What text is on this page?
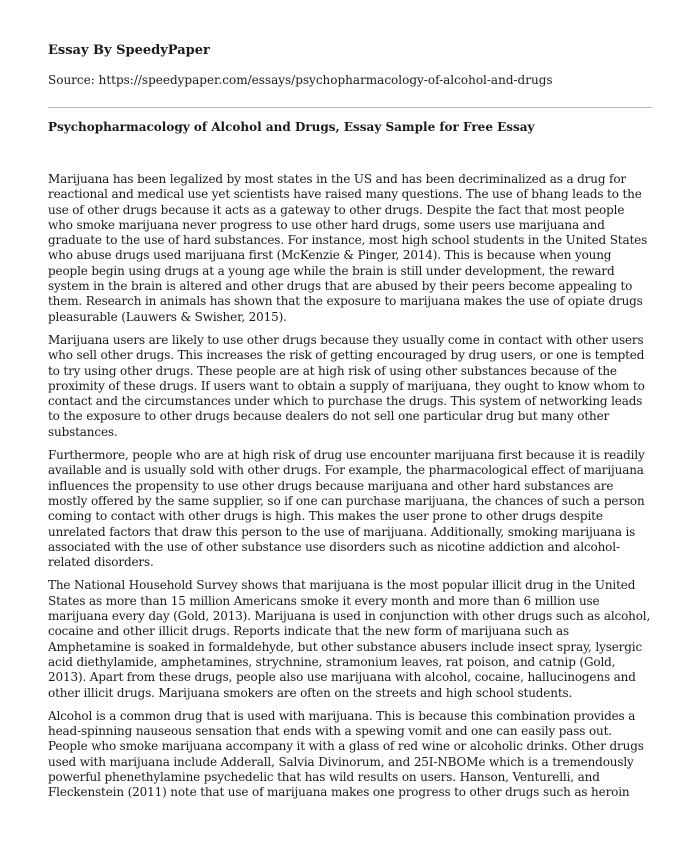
Essay By SpeedyPaper
Source: https://speedypaper.com/essays/psychopharmacology-of-alcohol-and-drugs
Psychopharmacology of Alcohol and Drugs, Essay Sample for Free Essay
Marijuana has been legalized by most states in the US and has been decriminalized as a drug for
reactional and medical use yet scientists have raised many questions. The use of bhang leads to the
use of other drugs because it acts as a gateway to other drugs. Despite the fact that most people
who smoke marijuana never progress to use other hard drugs, some users use marijuana and
graduate to the use of hard substances. For instance, most high school students in the United States
who abuse drugs used marijuana first (McKenzie & Pinger, 2014). This is because when young
people begin using drugs at a young age while the brain is still under development, the reward
system in the brain is altered and other drugs that are abused by their peers become appealing to
them. Research in animals has shown that the exposure to marijuana makes the use of opiate drugs
pleasurable (Lauwers & Swisher, 2015).
Marijuana users are likely to use other drugs because they usually come in contact with other users
who sell other drugs. This increases the risk of getting encouraged by drug users, or one is tempted
to try using other drugs. These people are at high risk of using other substances because of the
proximity of these drugs. If users want to obtain a supply of marijuana, they ought to know whom to
contact and the circumstances under which to purchase the drugs. This system of networking leads
to the exposure to other drugs because dealers do not sell one particular drug but many other
substances.
Furthermore, people who are at high risk of drug use encounter marijuana first because it is readily
available and is usually sold with other drugs. For example, the pharmacological effect of marijuana
influences the propensity to use other drugs because marijuana and other hard substances are
mostly offered by the same supplier, so if one can purchase marijuana, the chances of such a person
coming to contact with other drugs is high. This makes the user prone to other drugs despite
unrelated factors that draw this person to the use of marijuana. Additionally, smoking marijuana is
associated with the use of other substance use disorders such as nicotine addiction and alcohol-
related disorders.
The National Household Survey shows that marijuana is the most popular illicit drug in the United
States as more than 15 million Americans smoke it every month and more than 6 million use
marijuana every day (Gold, 2013). Marijuana is used in conjunction with other drugs such as alcohol,
cocaine and other illicit drugs. Reports indicate that the new form of marijuana such as
Amphetamine is soaked in formaldehyde, but other substance abusers include insect spray, lysergic
acid diethylamide, amphetamines, strychnine, stramonium leaves, rat poison, and catnip (Gold,
2013). Apart from these drugs, people also use marijuana with alcohol, cocaine, hallucinogens and
other illicit drugs. Marijuana smokers are often on the streets and high school students.
Alcohol is a common drug that is used with marijuana. This is because this combination provides a
head-spinning nauseous sensation that ends with a spewing vomit and one can easily pass out.
People who smoke marijuana accompany it with a glass of red wine or alcoholic drinks. Other drugs
used with marijuana include Adderall, Salvia Divinorum, and 25I-NBOMe which is a tremendously
powerful phenethylamine psychedelic that has wild results on users. Hanson, Venturelli, and
Fleckenstein (2011) note that use of marijuana makes one progress to other drugs such as heroin
